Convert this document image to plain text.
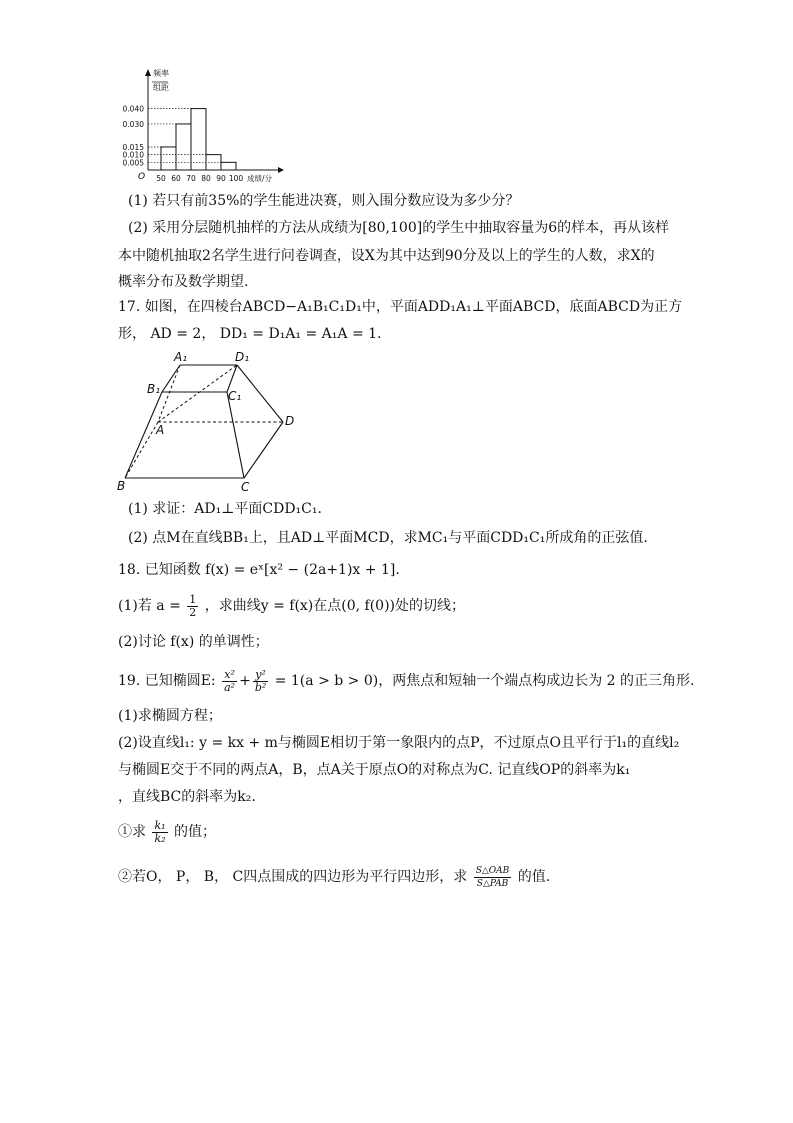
0.040
0.030
0.015
0.010
0.005
50 60 70 80 90 100
频率
组距
O	成绩/分
(1) 若只有前35%的学生能进决赛，则入围分数应设为多少分？
(2) 采用分层随机抽样的方法从成绩为[80,100]的学生中抽取容量为6的样本，再从该样
本中随机抽取2名学生进行问卷调查，设X为其中达到90分及以上的学生的人数，求X的
概率分布及数学期望.
17. 如图，在四棱台ABCD−A₁B₁C₁D₁中，平面ADD₁A₁⊥平面ABCD，底面ABCD为正方
形， AD = 2， DD₁ = D₁A₁ = A₁A = 1.
A₁	D₁
B₁	C₁
A
B	C
D
(1) 求证：AD₁⊥平面CDD₁C₁.
(2) 点M在直线BB₁上，且AD⊥平面MCD，求MC₁与平面CDD₁C₁所成角的正弦值.
18. 已知函数 f(x) = eˣ[x² − (2a+1)x + 1].
(1)若 $a = \frac{1}{2}$ ，求曲线y = f(x)在点(0, f(0))处的切线；
(2)讨论 f(x) 的单调性；
19. 已知椭圆E: $\frac{\text{x²}}{\text{a²}} + \frac{\text{y²}}{\text{b²}} = 1(a > b > 0)$，两焦点和短轴一个端点构成边长为 2 的正三角形.
(1)求椭圆方程；
(2)设直线l₁: y = kx + m与椭圆E相切于第一象限内的点P，不过原点O且平行于l₁的直线l₂
与椭圆E交于不同的两点A，B，点A关于原点O的对称点为C. 记直线OP的斜率为k₁
，直线BC的斜率为k₂.
①求 $\frac{\text{k₁}}{\text{k₂}}$ 的值；
②若O， P， B， C四点围成的四边形为平行四边形，求 $\frac{\text{S△OAB}}{\text{S△PAB}}$ 的值.
